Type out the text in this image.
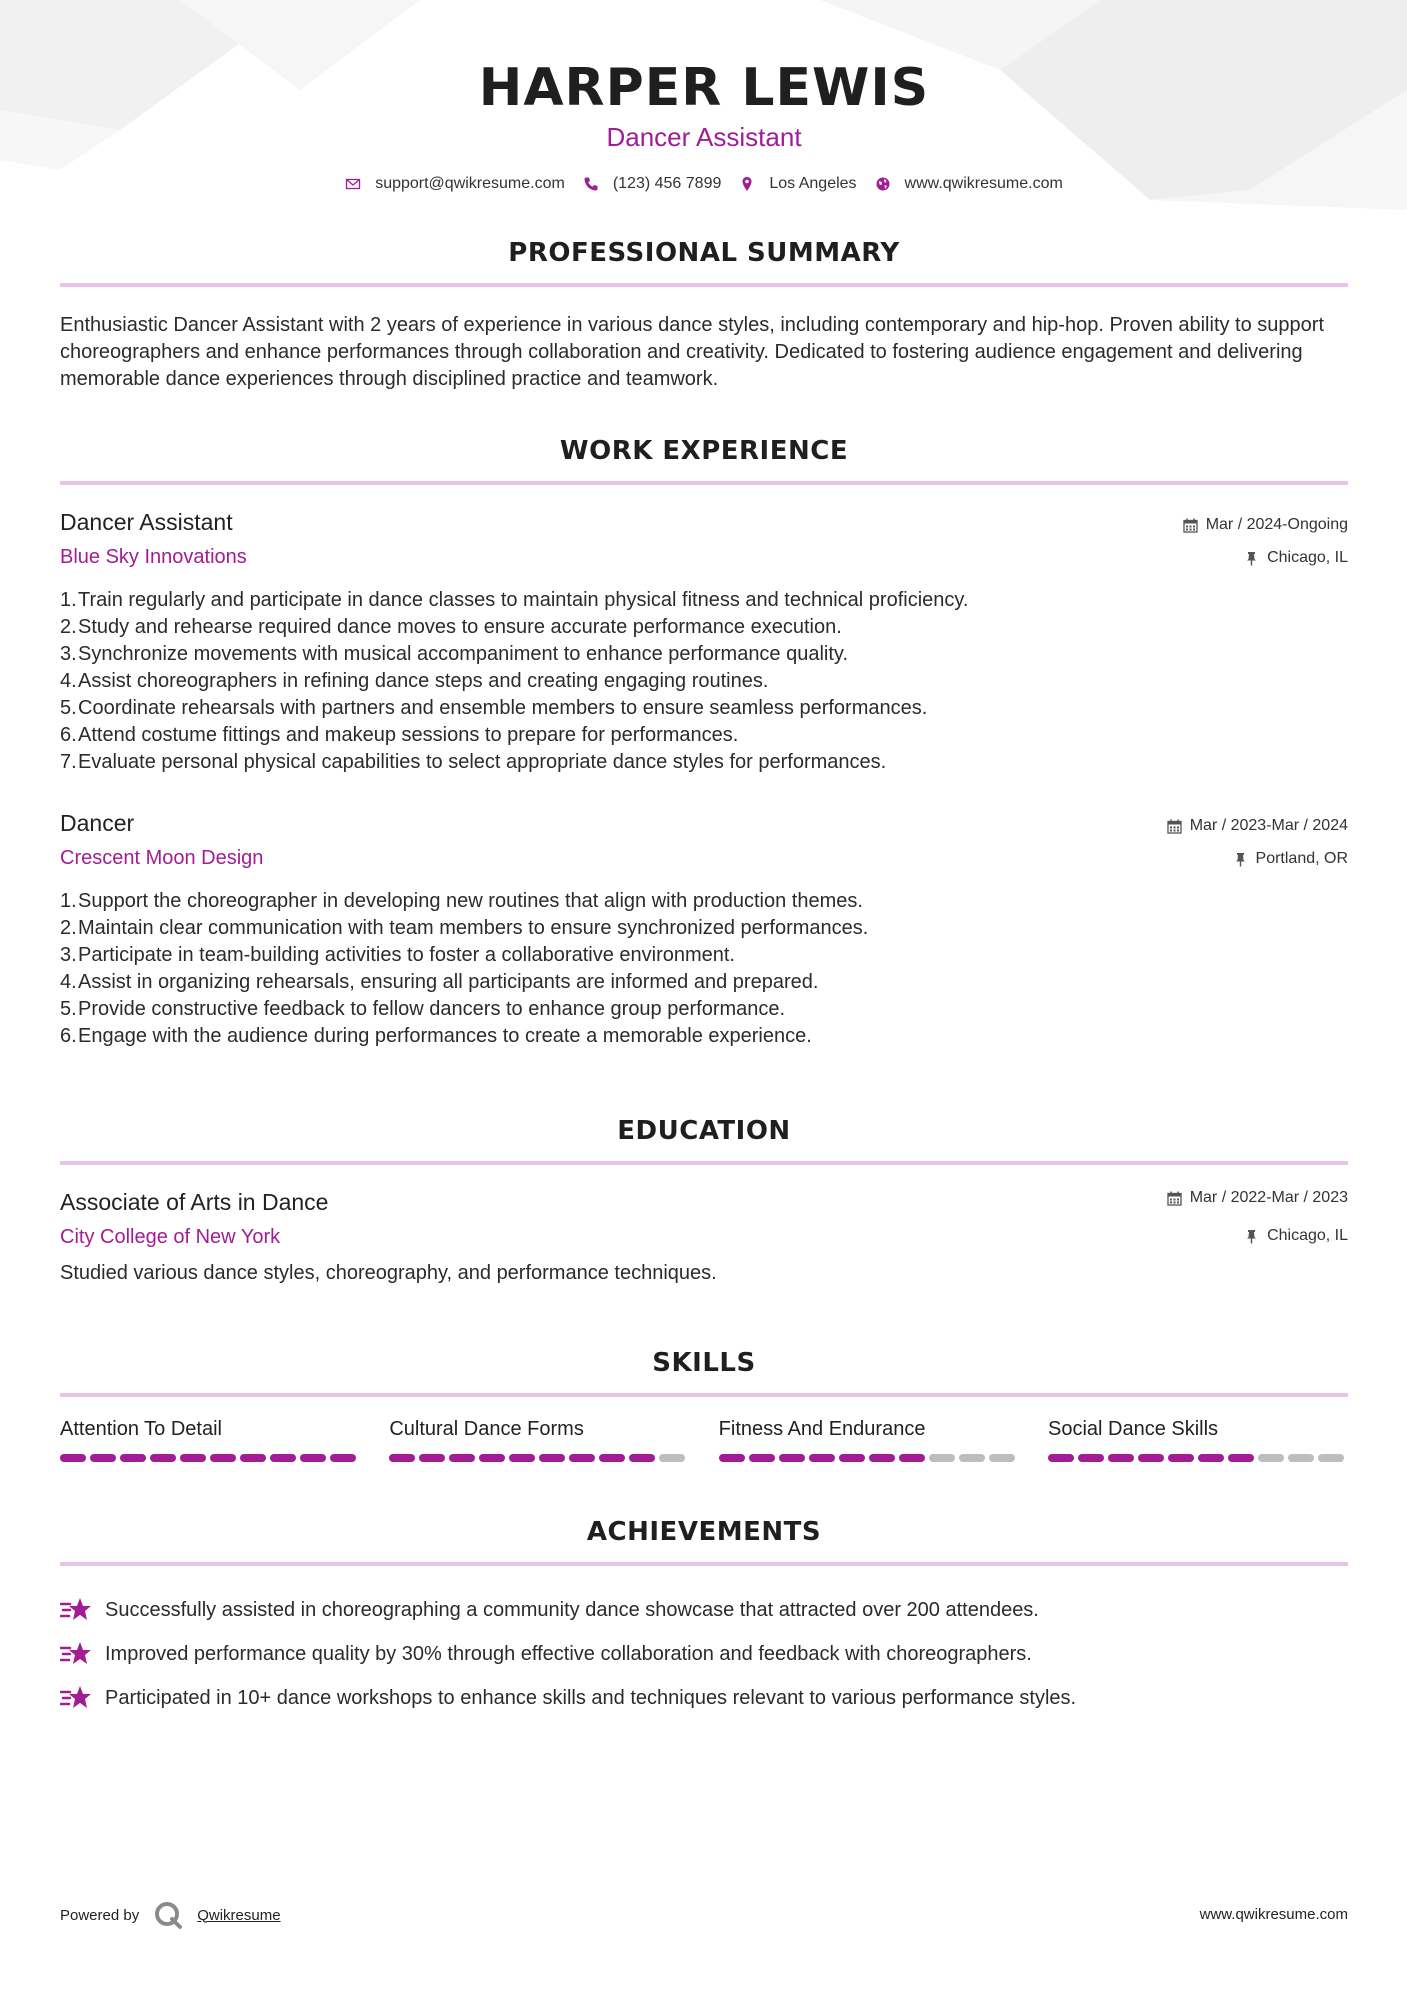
HARPER LEWIS
Dancer Assistant
support@qwikresume.com	(123) 456 7899	Los Angeles	www.qwikresume.com
PROFESSIONAL SUMMARY
Enthusiastic Dancer Assistant with 2 years of experience in various dance styles, including contemporary and hip-hop. Proven ability to support choreographers and enhance performances through collaboration and creativity. Dedicated to fostering audience engagement and delivering memorable dance experiences through disciplined practice and teamwork.
WORK EXPERIENCE
Dancer Assistant
Blue Sky Innovations
Mar / 2024-Ongoing
Chicago, IL
1. Train regularly and participate in dance classes to maintain physical fitness and technical proficiency.
2. Study and rehearse required dance moves to ensure accurate performance execution.
3. Synchronize movements with musical accompaniment to enhance performance quality.
4. Assist choreographers in refining dance steps and creating engaging routines.
5. Coordinate rehearsals with partners and ensemble members to ensure seamless performances.
6. Attend costume fittings and makeup sessions to prepare for performances.
7. Evaluate personal physical capabilities to select appropriate dance styles for performances.
Dancer
Crescent Moon Design
Mar / 2023-Mar / 2024
Portland, OR
1. Support the choreographer in developing new routines that align with production themes.
2. Maintain clear communication with team members to ensure synchronized performances.
3. Participate in team-building activities to foster a collaborative environment.
4. Assist in organizing rehearsals, ensuring all participants are informed and prepared.
5. Provide constructive feedback to fellow dancers to enhance group performance.
6. Engage with the audience during performances to create a memorable experience.
EDUCATION
Associate of Arts in Dance
City College of New York
Mar / 2022-Mar / 2023
Chicago, IL
Studied various dance styles, choreography, and performance techniques.
SKILLS
Attention To Detail	Cultural Dance Forms	Fitness And Endurance	Social Dance Skills
ACHIEVEMENTS
Successfully assisted in choreographing a community dance showcase that attracted over 200 attendees.
Improved performance quality by 30% through effective collaboration and feedback with choreographers.
Participated in 10+ dance workshops to enhance skills and techniques relevant to various performance styles.
Powered by	Qwikresume	www.qwikresume.com
